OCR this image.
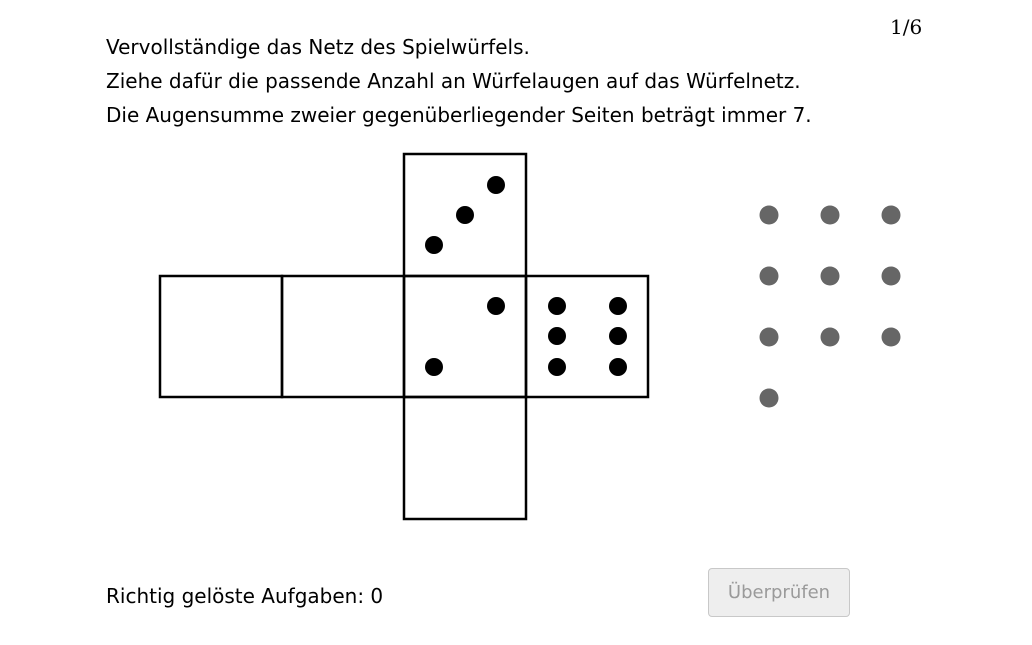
Vervollständige das Netz des Spielwürfels.
Ziehe dafür die passende Anzahl an Würfelaugen auf das Würfelnetz.
Die Augensumme zweier gegenüberliegender Seiten beträgt immer 7.
1/6
Richtig gelöste Aufgaben: 0	Überprüfen
